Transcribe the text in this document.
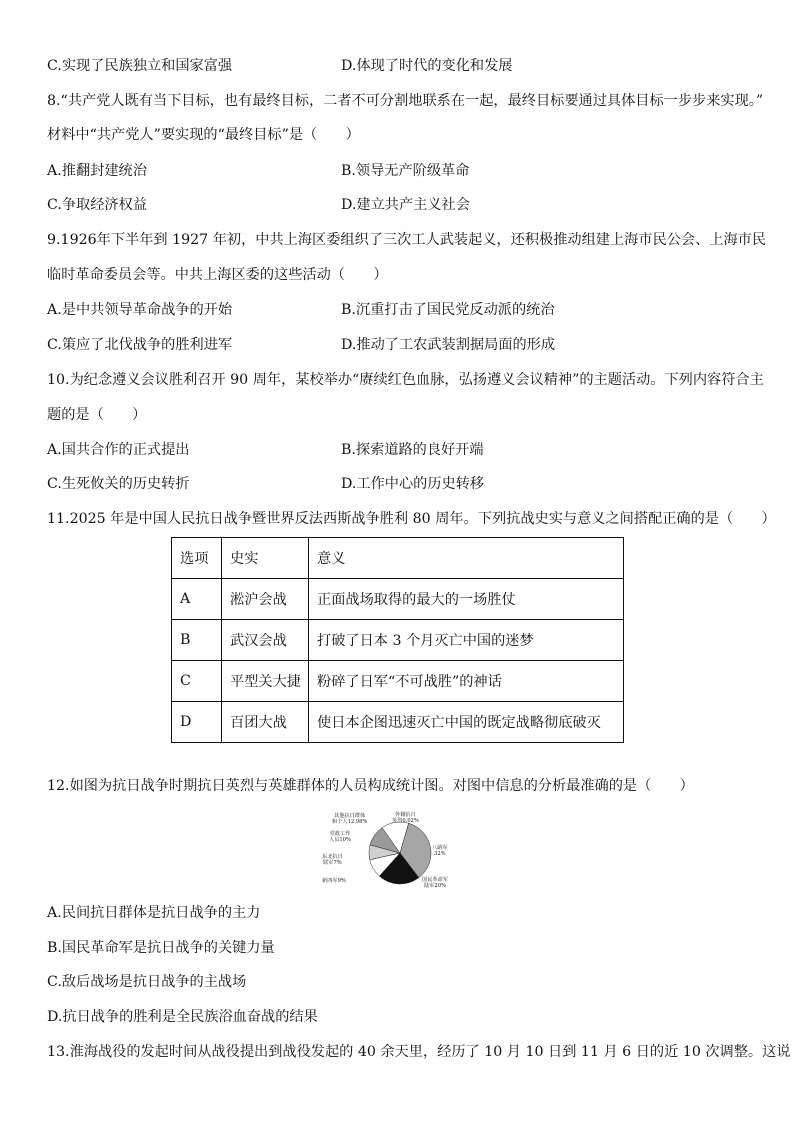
C.实现了民族独立和国家富强	D.体现了时代的变化和发展
8.“共产党人既有当下目标，也有最终目标，二者不可分割地联系在一起，最终目标要通过具体目标一步步来实现。”
材料中“共产党人”要实现的“最终目标”是（　　）
A.推翻封建统治	B.领导无产阶级革命
C.争取经济权益	D.建立共产主义社会
9.1926年下半年到 1927 年初，中共上海区委组织了三次工人武装起义，还积极推动组建上海市民公会、上海市民
临时革命委员会等。中共上海区委的这些活动（　　）
A.是中共领导革命战争的开始	B.沉重打击了国民党反动派的统治
C.策应了北伐战争的胜利进军	D.推动了工农武装割据局面的形成
10.为纪念遵义会议胜利召开 90 周年，某校举办“赓续红色血脉，弘扬遵义会议精神”的主题活动。下列内容符合主
题的是（　　）
A.国共合作的正式提出	B.探索道路的良好开端
C.生死攸关的历史转折	D.工作中心的历史转移
11.2025 年是中国人民抗日战争暨世界反法西斯战争胜利 80 周年。下列抗战史实与意义之间搭配正确的是（　　）
选项	史实	意义
A	淞沪会战	正面战场取得的最大的一场胜仗
B	武汉会战	打破了日本 3 个月灭亡中国的迷梦
C	平型关大捷	粉碎了日军“不可战胜”的神话
D	百团大战	使日本企图迅速灭亡中国的既定战略彻底破灭
12.如图为抗日战争时期抗日英烈与英雄群体的人员构成统计图。对图中信息的分析最准确的是（　　）
外籍抗日
英烈0.02%
其他抗日群体
和个人12.98%
八路军
32%
党政工作
人员10%
东北抗日
联军7%
新四军9%	国民革命军
陆军20%
A.民间抗日群体是抗日战争的主力
B.国民革命军是抗日战争的关键力量
C.敌后战场是抗日战争的主战场
D.抗日战争的胜利是全民族浴血奋战的结果
13.淮海战役的发起时间从战役提出到战役发起的 40 余天里，经历了 10 月 10 日到 11 月 6 日的近 10 次调整。这说
